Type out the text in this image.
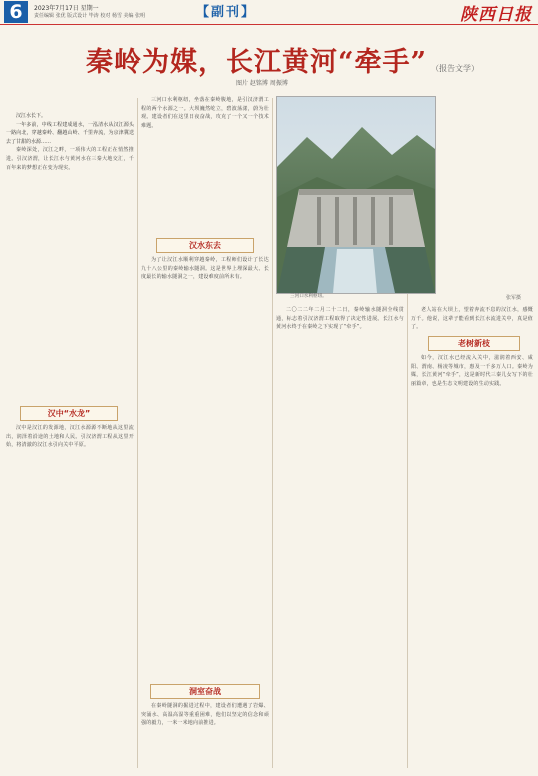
6	2023年7月17日 星期一
责任编辑 张优 版式设计 毕涛 校对 杨雪 美编 张明	【副刊】	陕西日报
秦岭为媒，长江黄河“牵手” （报告文学）
图片 赵铭博 周振博

汉江水长下。

一年多前，中线工程建成通水，一泓清水从汉江源头一路向北，穿越秦岭、翻越山岭、千里奔流，为京津冀送去了甘甜的水源……

秦岭深处，汉江之畔，一项伟大的工程正在悄然推进。引汉济渭，让长江水与黄河水在三秦大地交汇，千百年来的梦想正在变为现实。

汉中“水龙”

汉中是汉江的发源地，汉江水源源不断地从这里流出，润泽着沿途的土地和人民。引汉济渭工程从这里开始，将清澈的汉江水引向关中平原。

三河口水利枢纽，坐落在秦岭腹地，是引汉济渭工程的两个水源之一。大坝巍然屹立，碧波荡漾，蔚为壮观。建设者们在这里日夜奋战，攻克了一个又一个技术难题。

汉水东去

为了让汉江水顺利穿越秦岭，工程师们设计了长达九十八公里的秦岭输水隧洞。这是世界上埋深最大、长度最长的输水隧洞之一，建设难度前所未有。

三河口水利枢纽。	张军摄
洞室奋战

在秦岭隧洞的掘进过程中，建设者们遭遇了岩爆、突涌水、高温高湿等重重困难，他们以坚定的信念和顽强的毅力，一米一米地向前推进。

二〇二二年二月二十二日，秦岭输水隧洞全线贯通，标志着引汉济渭工程取得了决定性进展。长江水与黄河水终于在秦岭之下实现了“牵手”。

老人站在大坝上，望着奔流不息的汉江水，感慨万千。他说，这辈子能看到长江水流进关中，真是值了。

老树新枝

如今，汉江水已经流入关中，滋润着西安、咸阳、渭南、杨凌等城市，惠及一千多万人口。秦岭为媒，长江黄河“牵手”，这是新时代三秦儿女写下的壮丽篇章，也是生态文明建设的生动实践。
